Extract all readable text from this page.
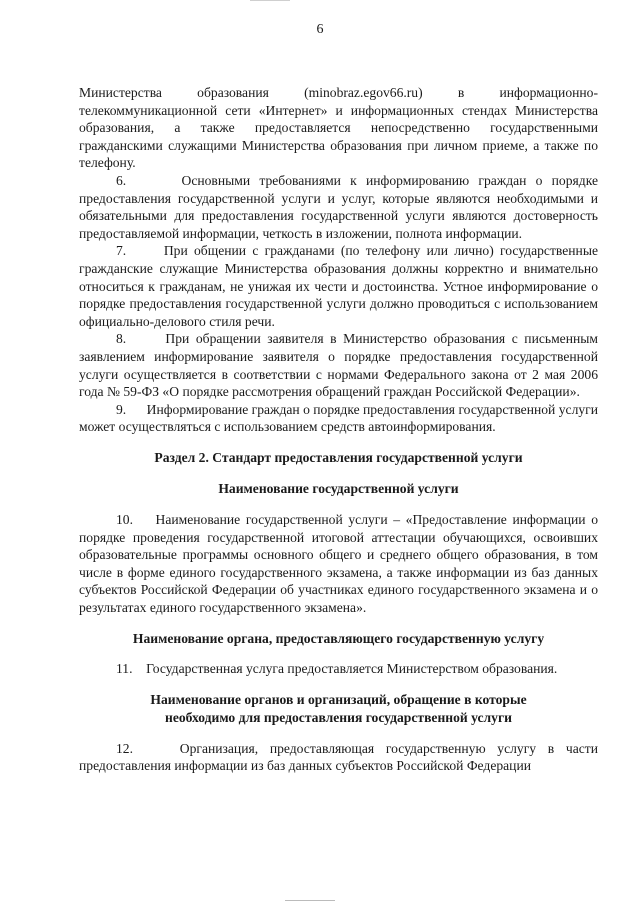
6

Министерства образования (minobraz.egov66.ru) в информационно-телекоммуникационной сети «Интернет» и информационных стендах Министерства образования, а также предоставляется непосредственно государственными гражданскими служащими Министерства образования при личном приеме, а также по телефону.

6.      Основными требованиями к информированию граждан о порядке предоставления государственной услуги и услуг, которые являются необходимыми и обязательными для предоставления государственной услуги являются достоверность предоставляемой информации, четкость в изложении, полнота информации.

7.      При общении с гражданами (по телефону или лично) государственные гражданские служащие Министерства образования должны корректно и внимательно относиться к гражданам, не унижая их чести и достоинства. Устное информирование о порядке предоставления государственной услуги должно проводиться с использованием официально-делового стиля речи.

8.      При обращении заявителя в Министерство образования с письменным заявлением информирование заявителя о порядке предоставления государственной услуги осуществляется в соответствии с нормами Федерального закона от 2 мая 2006 года № 59-ФЗ «О порядке рассмотрения обращений граждан Российской Федерации».

9.      Информирование граждан о порядке предоставления государственной услуги может осуществляться с использованием средств автоинформирования.

Раздел 2. Стандарт предоставления государственной услуги

Наименование государственной услуги

10.    Наименование государственной услуги – «Предоставление информации о порядке проведения государственной итоговой аттестации обучающихся, освоивших образовательные программы основного общего и среднего общего образования, в том числе в форме единого государственного экзамена, а также информации из баз данных субъектов Российской Федерации об участниках единого государственного экзамена и о результатах единого государственного экзамена».

Наименование органа, предоставляющего государственную услугу

11.    Государственная услуга предоставляется Министерством образования.

Наименование органов и организаций, обращение в которые
необходимо для предоставления государственной услуги

12.    Организация, предоставляющая государственную услугу в части предоставления информации из баз данных субъектов Российской Федерации
